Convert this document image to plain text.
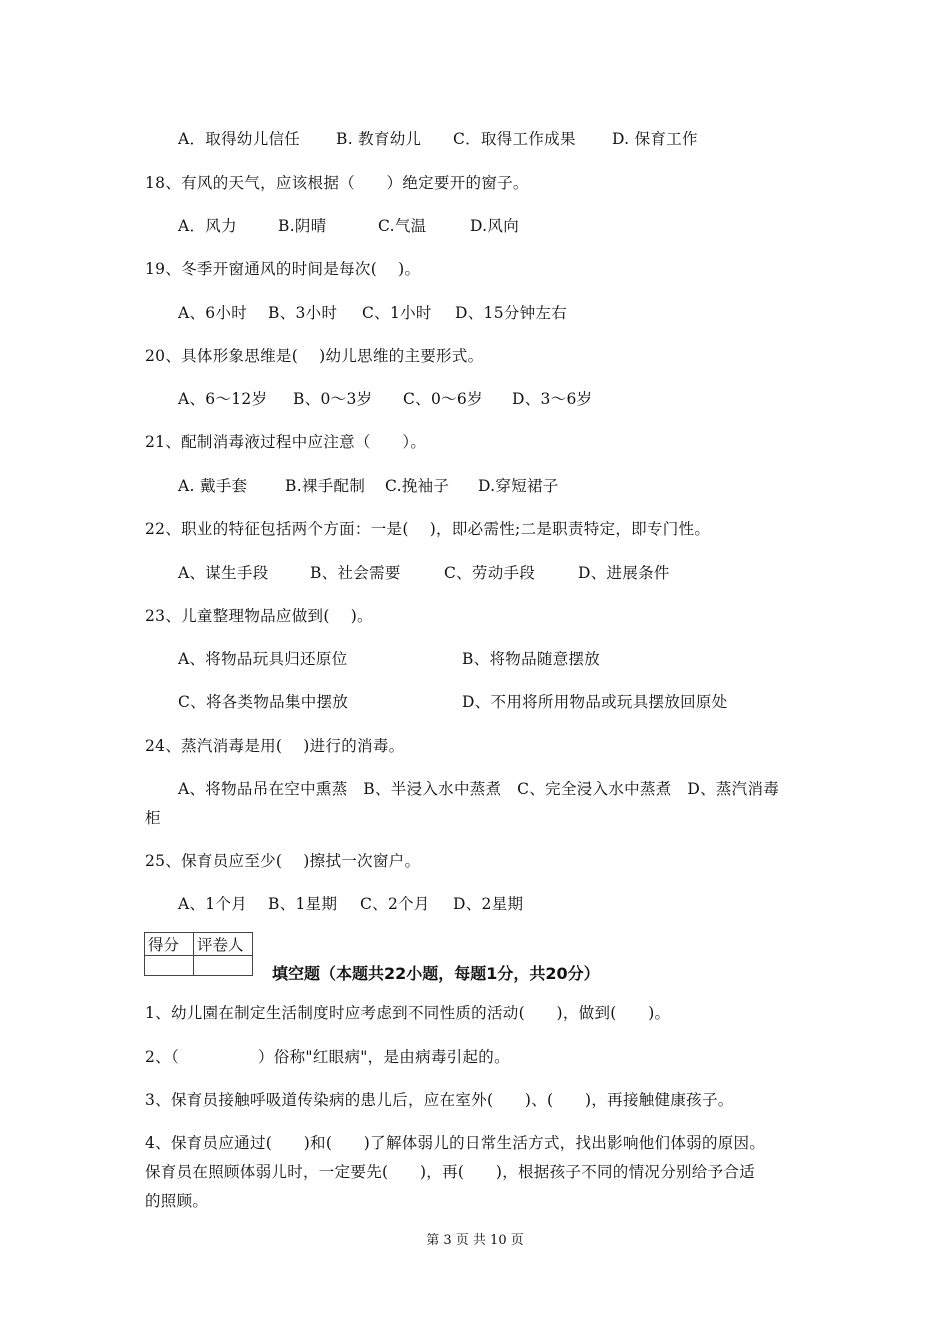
A．取得幼儿信任 B. 教育幼儿 C．取得工作成果 D. 保育工作
18、有风的天气，应该根据（　　）绝定要开的窗子。
A．风力	B.阴晴	C.气温	D.风向
19、冬季开窗通风的时间是每次(　 )。
A、6小时 B、3小时 C、1小时 D、15分钟左右
20、具体形象思维是(　 )幼儿思维的主要形式。
A、6～12岁 B、0～3岁 C、0～6岁 D、3～6岁
21、配制消毒液过程中应注意（　　）。
A. 戴手套 B.裸手配制 C.挽袖子 D.穿短裙子
22、职业的特征包括两个方面：一是(　 )，即必需性;二是职责特定，即专门性。
A、谋生手段	B、社会需要	C、劳动手段	D、进展条件
23、儿童整理物品应做到(　 )。
A、将物品玩具归还原位	B、将物品随意摆放
C、将各类物品集中摆放	D、不用将所用物品或玩具摆放回原处
24、蒸汽消毒是用(　 )进行的消毒。
A、将物品吊在空中熏蒸　B、半浸入水中蒸煮　C、完全浸入水中蒸煮　D、蒸汽消毒
柜
25、保育员应至少(　 )擦拭一次窗户。
A、1个月 B、1星期 C、2个月 D、2星期
得分	评卷人

填空题（本题共22小题，每题1分，共20分）
1、幼儿園在制定生活制度时应考虑到不同性质的活动(　　)，做到(　　)。
2、（　　　　　）俗称"红眼病"，是由病毒引起的。
3、保育员接触呼吸道传染病的患儿后，应在室外(　　)、(　　)，再接触健康孩子。
4、保育员应通过(　　)和(　　)了解体弱儿的日常生活方式，找出影响他们体弱的原因。
保育员在照顾体弱儿时，一定要先(　　)，再(　　)，根据孩子不同的情况分别给予合适
的照顾。
第 3 页 共 10 页
